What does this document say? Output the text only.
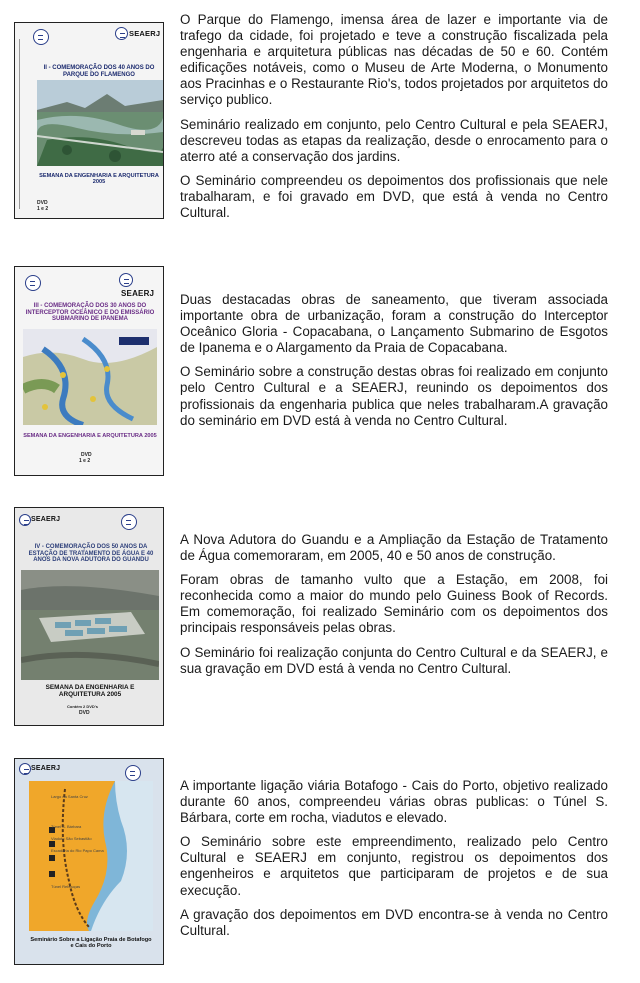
SEAERJ
II - COMEMORAÇÃO DOS 40 ANOS DO PARQUE DO FLAMENGO
SEMANA DA ENGENHARIA E ARQUITETURA 2005
DVD
1 e 2

O Parque do Flamengo, imensa área de lazer e importante via de trafego da cidade, foi projetado e teve a construção fiscalizada pela engenharia e arquitetura públicas nas décadas de 50 e 60. Contém edificações notáveis, como o Museu de Arte Moderna, o Monumento aos Pracinhas e o Restaurante Rio's, todos projetados por arquitetos do serviço publico.

Seminário realizado em conjunto, pelo Centro Cultural e pela SEAERJ, descreveu todas as etapas da realização, desde o enrocamento para o aterro até a conservação dos jardins.

O Seminário compreendeu os depoimentos dos profissionais que nele trabalharam, e foi gravado em DVD, que está à venda no Centro Cultural.

SEAERJ
III - COMEMORAÇÃO DOS 30 ANOS DO INTERCEPTOR OCEÂNICO E DO EMISSÁRIO SUBMARINO DE IPANEMA
SEMANA DA ENGENHARIA E ARQUITETURA 2005
DVD
1 e 2

Duas destacadas obras de saneamento, que tiveram associada importante obra de urbanização, foram a construção do Interceptor Oceânico Gloria - Copacabana, o Lançamento Submarino de Esgotos de Ipanema e o Alargamento da Praia de Copacabana.

O Seminário sobre a construção destas obras foi realizado em conjunto pelo Centro Cultural e a SEAERJ, reunindo os depoimentos dos profissionais da engenharia publica que neles trabalharam.A gravação do seminário em DVD está à venda no Centro Cultural.

SEAERJ
IV - COMEMORAÇÃO DOS 50 ANOS DA ESTAÇÃO DE TRATAMENTO DE ÁGUA E 40 ANOS DA NOVA ADUTORA DO GUANDU
SEMANA DA ENGENHARIA E ARQUITETURA 2005
Contém 2 DVD's
DVD

A Nova Adutora do Guandu e a Ampliação da Estação de Tratamento de Água comemoraram, em 2005, 40 e 50 anos de construção.

Foram obras de tamanho vulto que a Estação, em 2008, foi reconhecida como a maior do mundo pelo Guiness Book of Records. Em comemoração, foi realizado Seminário com os depoimentos dos principais responsáveis pelas obras.

O Seminário foi realização conjunta do Centro Cultural e da SEAERJ, e sua gravação em DVD está à venda no Centro Cultural.

SEAERJ
Largo da Santa Cruz
Túnel S. Bárbara
Viaduto São Sebastião
Escadaria do Rio Papo Cama
Túnel Rebouças
Seminário Sobre a Ligação Praia de Botafogo e Cais do Porto

A importante ligação viária Botafogo - Cais do Porto, objetivo realizado durante 60 anos, compreendeu várias obras publicas: o Túnel S. Bárbara, corte em rocha, viadutos e elevado.

O Seminário sobre este empreendimento, realizado pelo Centro Cultural e SEAERJ em conjunto, registrou os depoimentos dos engenheiros e arquitetos que participaram de projetos e de sua execução.

A gravação dos depoimentos em DVD encontra-se à venda no Centro Cultural.
